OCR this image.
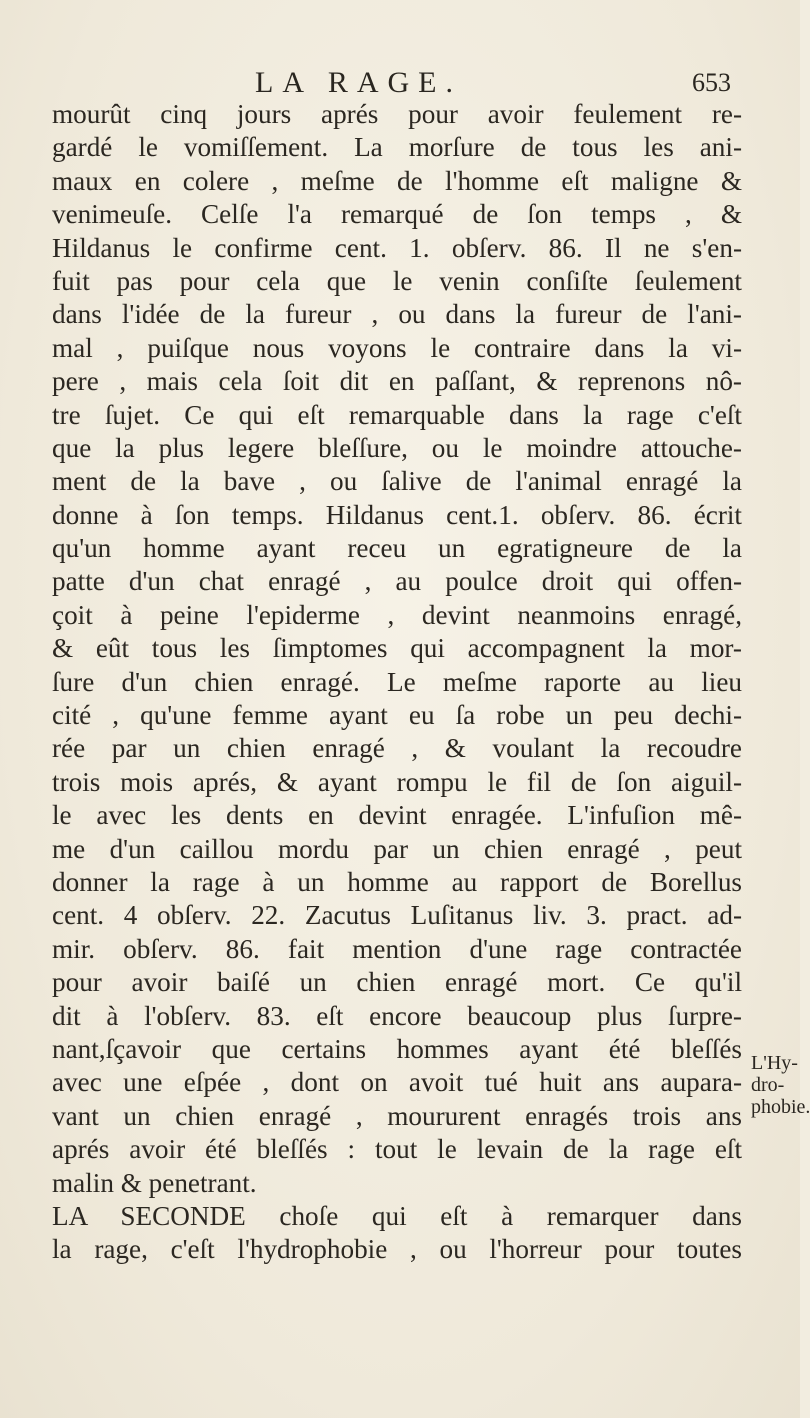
LA RAGE.	653
mourût cinq jours aprés pour avoir feulement re-
gardé le vomiſſement. La morſure de tous les ani-
maux en colere , meſme de l'homme eſt maligne &
venimeuſe. Celſe l'a remarqué de ſon temps , &
Hildanus le confirme cent. 1. obſerv. 86. Il ne s'en-
fuit pas pour cela que le venin conſiſte ſeulement
dans l'idée de la fureur , ou dans la fureur de l'ani-
mal , puiſque nous voyons le contraire dans la vi-
pere , mais cela ſoit dit en paſſant, & reprenons nô-
tre ſujet. Ce qui eſt remarquable dans la rage c'eſt
que la plus legere bleſſure, ou le moindre attouche-
ment de la bave , ou ſalive de l'animal enragé la
donne à ſon temps. Hildanus cent.1. obſerv. 86. écrit
qu'un homme ayant receu un egratigneure de la
patte d'un chat enragé , au poulce droit qui offen-
çoit à peine l'epiderme , devint neanmoins enragé,
& eût tous les ſimptomes qui accompagnent la mor-
ſure d'un chien enragé. Le meſme raporte au lieu
cité , qu'une femme ayant eu ſa robe un peu dechi-
rée par un chien enragé , & voulant la recoudre
trois mois aprés, & ayant rompu le fil de ſon aiguil-
le avec les dents en devint enragée. L'infuſion mê-
me d'un caillou mordu par un chien enragé , peut
donner la rage à un homme au rapport de Borellus
cent. 4 obſerv. 22. Zacutus Luſitanus liv. 3. pract. ad-
mir. obſerv. 86. fait mention d'une rage contractée
pour avoir baiſé un chien enragé mort. Ce qu'il
dit à l'obſerv. 83. eſt encore beaucoup plus ſurpre-
nant,ſçavoir que certains hommes ayant été bleſſés
avec une eſpée , dont on avoit tué huit ans aupara-
vant un chien enragé , moururent enragés trois ans
aprés avoir été bleſſés : tout le levain de la rage eſt
malin & penetrant.
LA SECONDE choſe qui eſt à remarquer dans
la rage, c'eſt l'hydrophobie , ou l'horreur pour toutes
L'Hy-
dro-
phobie.
